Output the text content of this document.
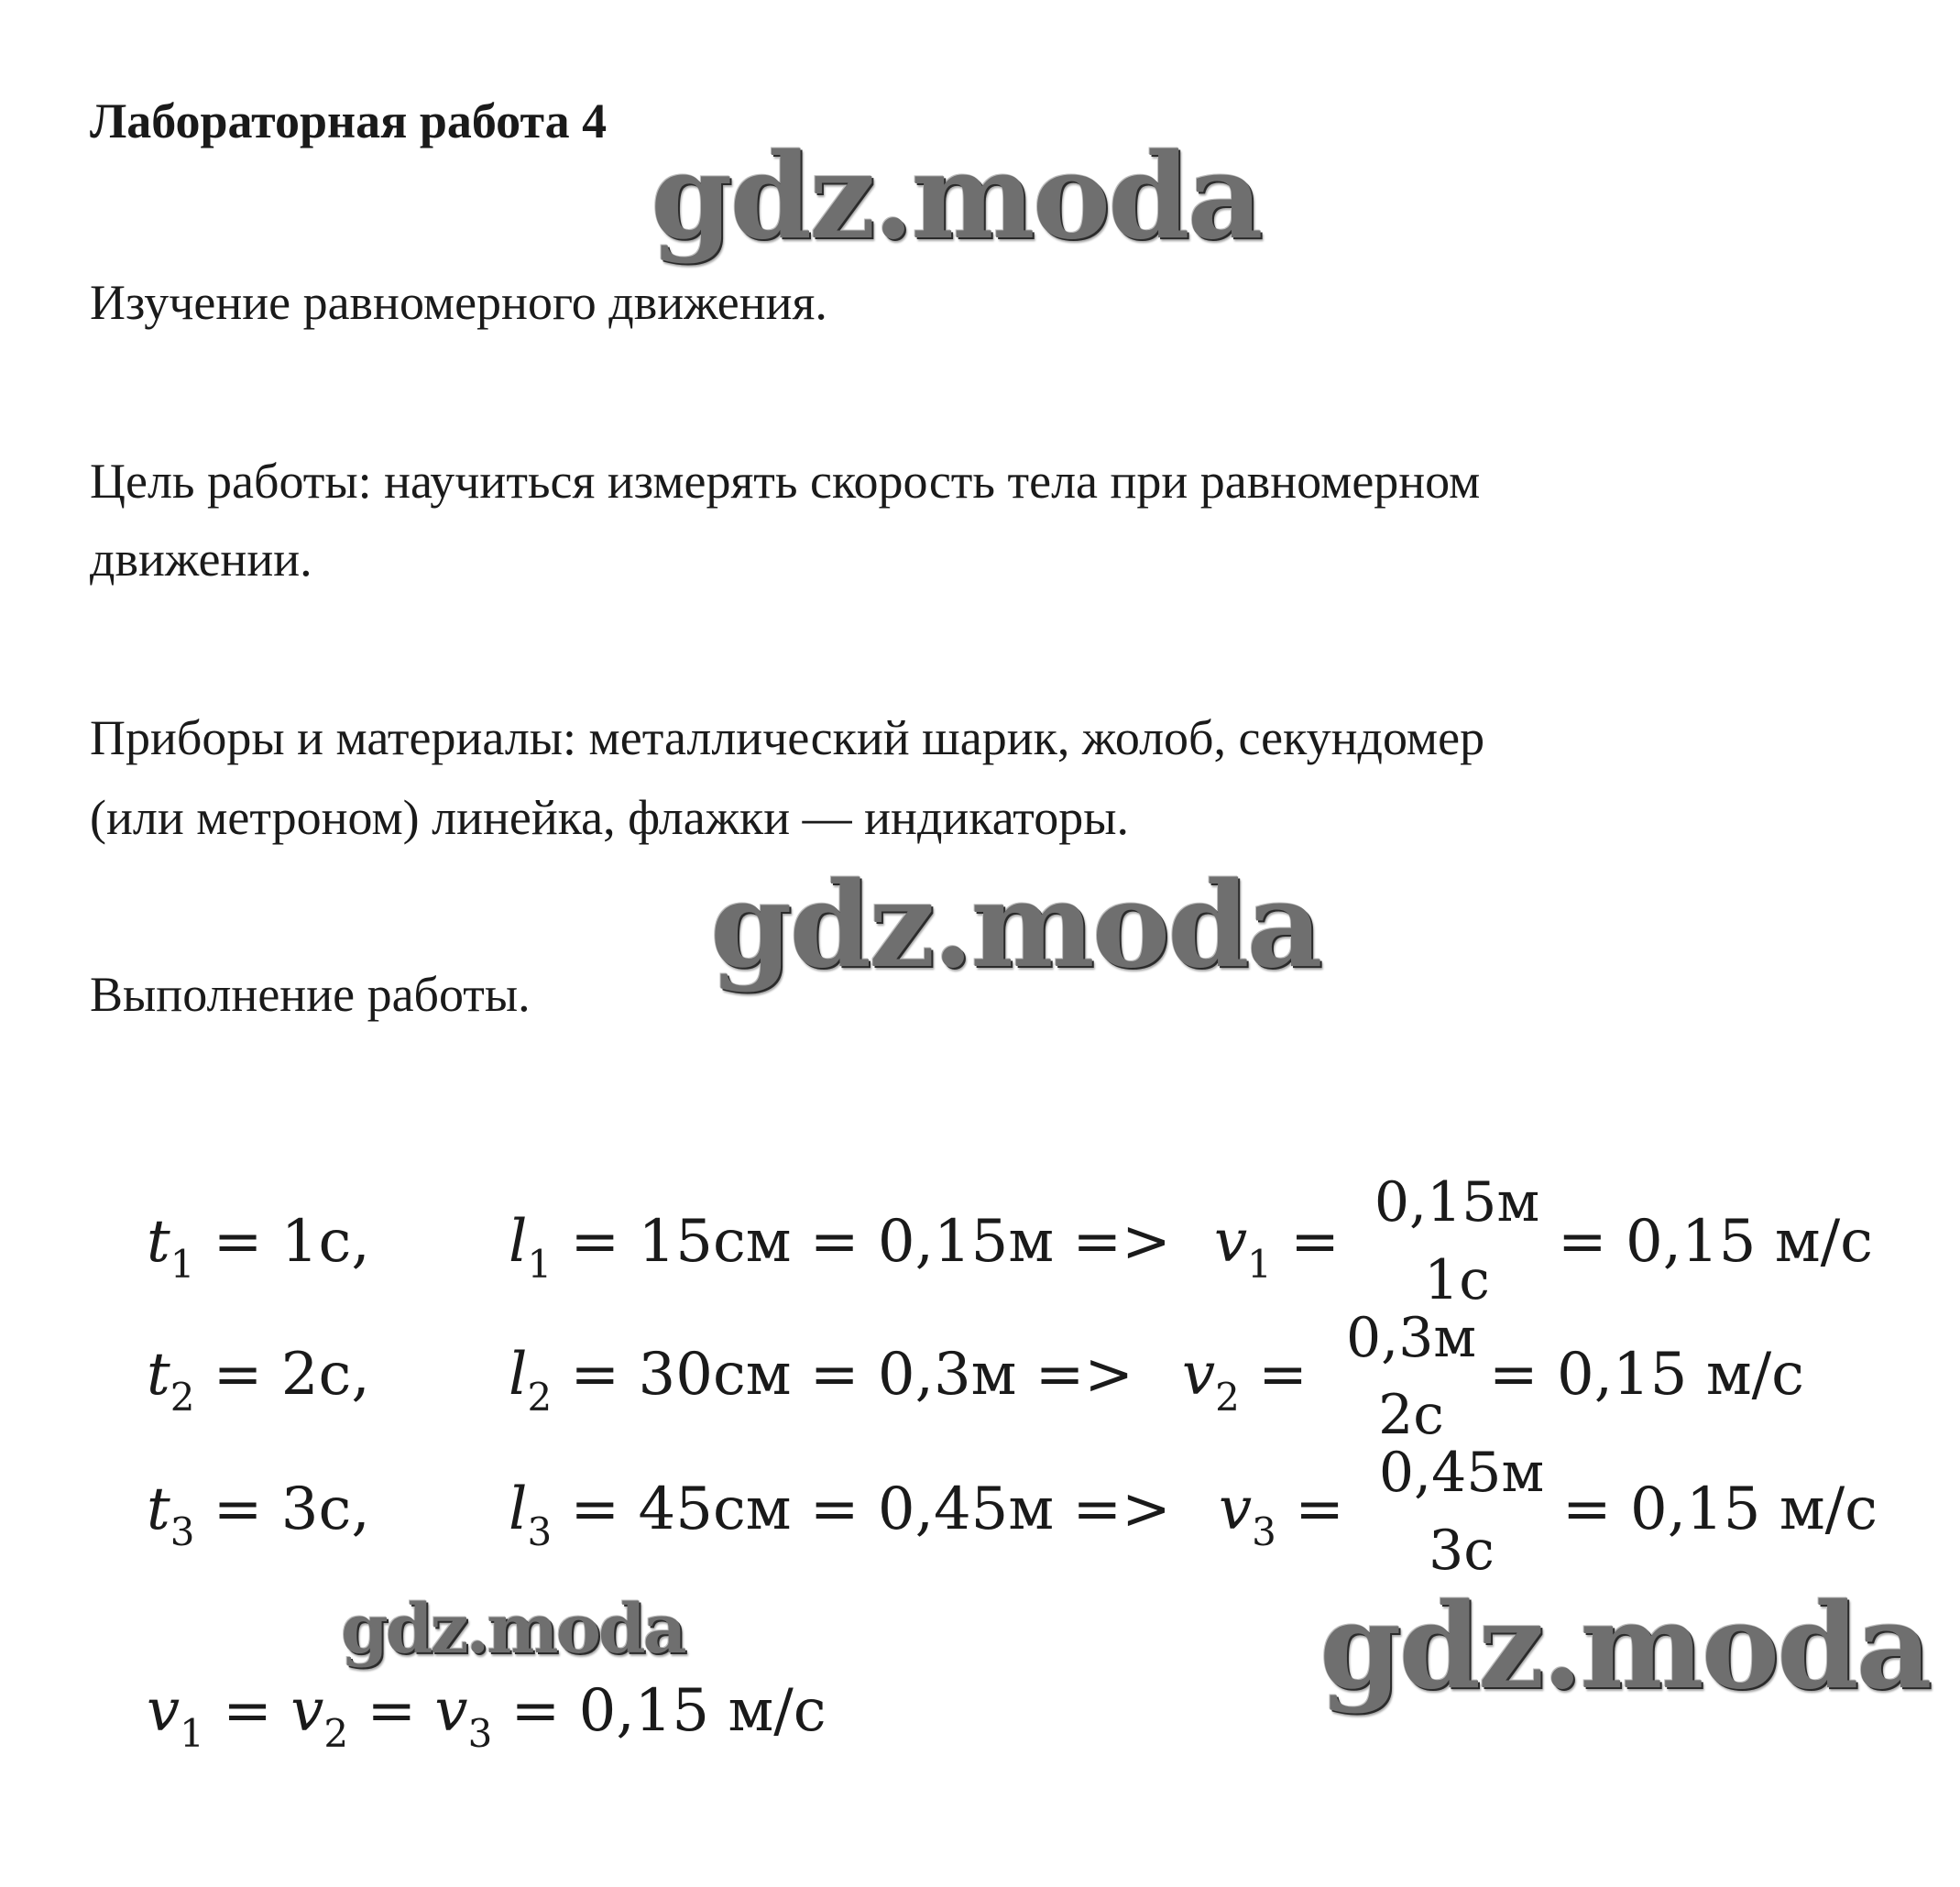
Лабораторная работа 4
Изучение равномерного движения.
Цель работы: научиться измерять скорость тела при равномерном
движении.
Приборы и материалы: металлический шарик, жолоб, секундомер
(или метроном) линейка, флажки — индикаторы.
Выполнение работы.
gdz.moda
gdz.moda
gdz.moda	gdz.moda
$t_1 = 1с$, $l_1 = 15см = 0,15м => v_1$ =
0,15м
1с
= 0,15 м/с
$t_2 = 2с$, $l_2 = 30см = 0,3м => v_2$ =
0,3м
2с
= 0,15 м/с
$t_3 = 3с$, $l_3 = 45см = 0,45м => v_3$ =
0,45м
3с
= 0,15 м/с
$v_1 = v_2 = v_3 = 0,15$ м/с
